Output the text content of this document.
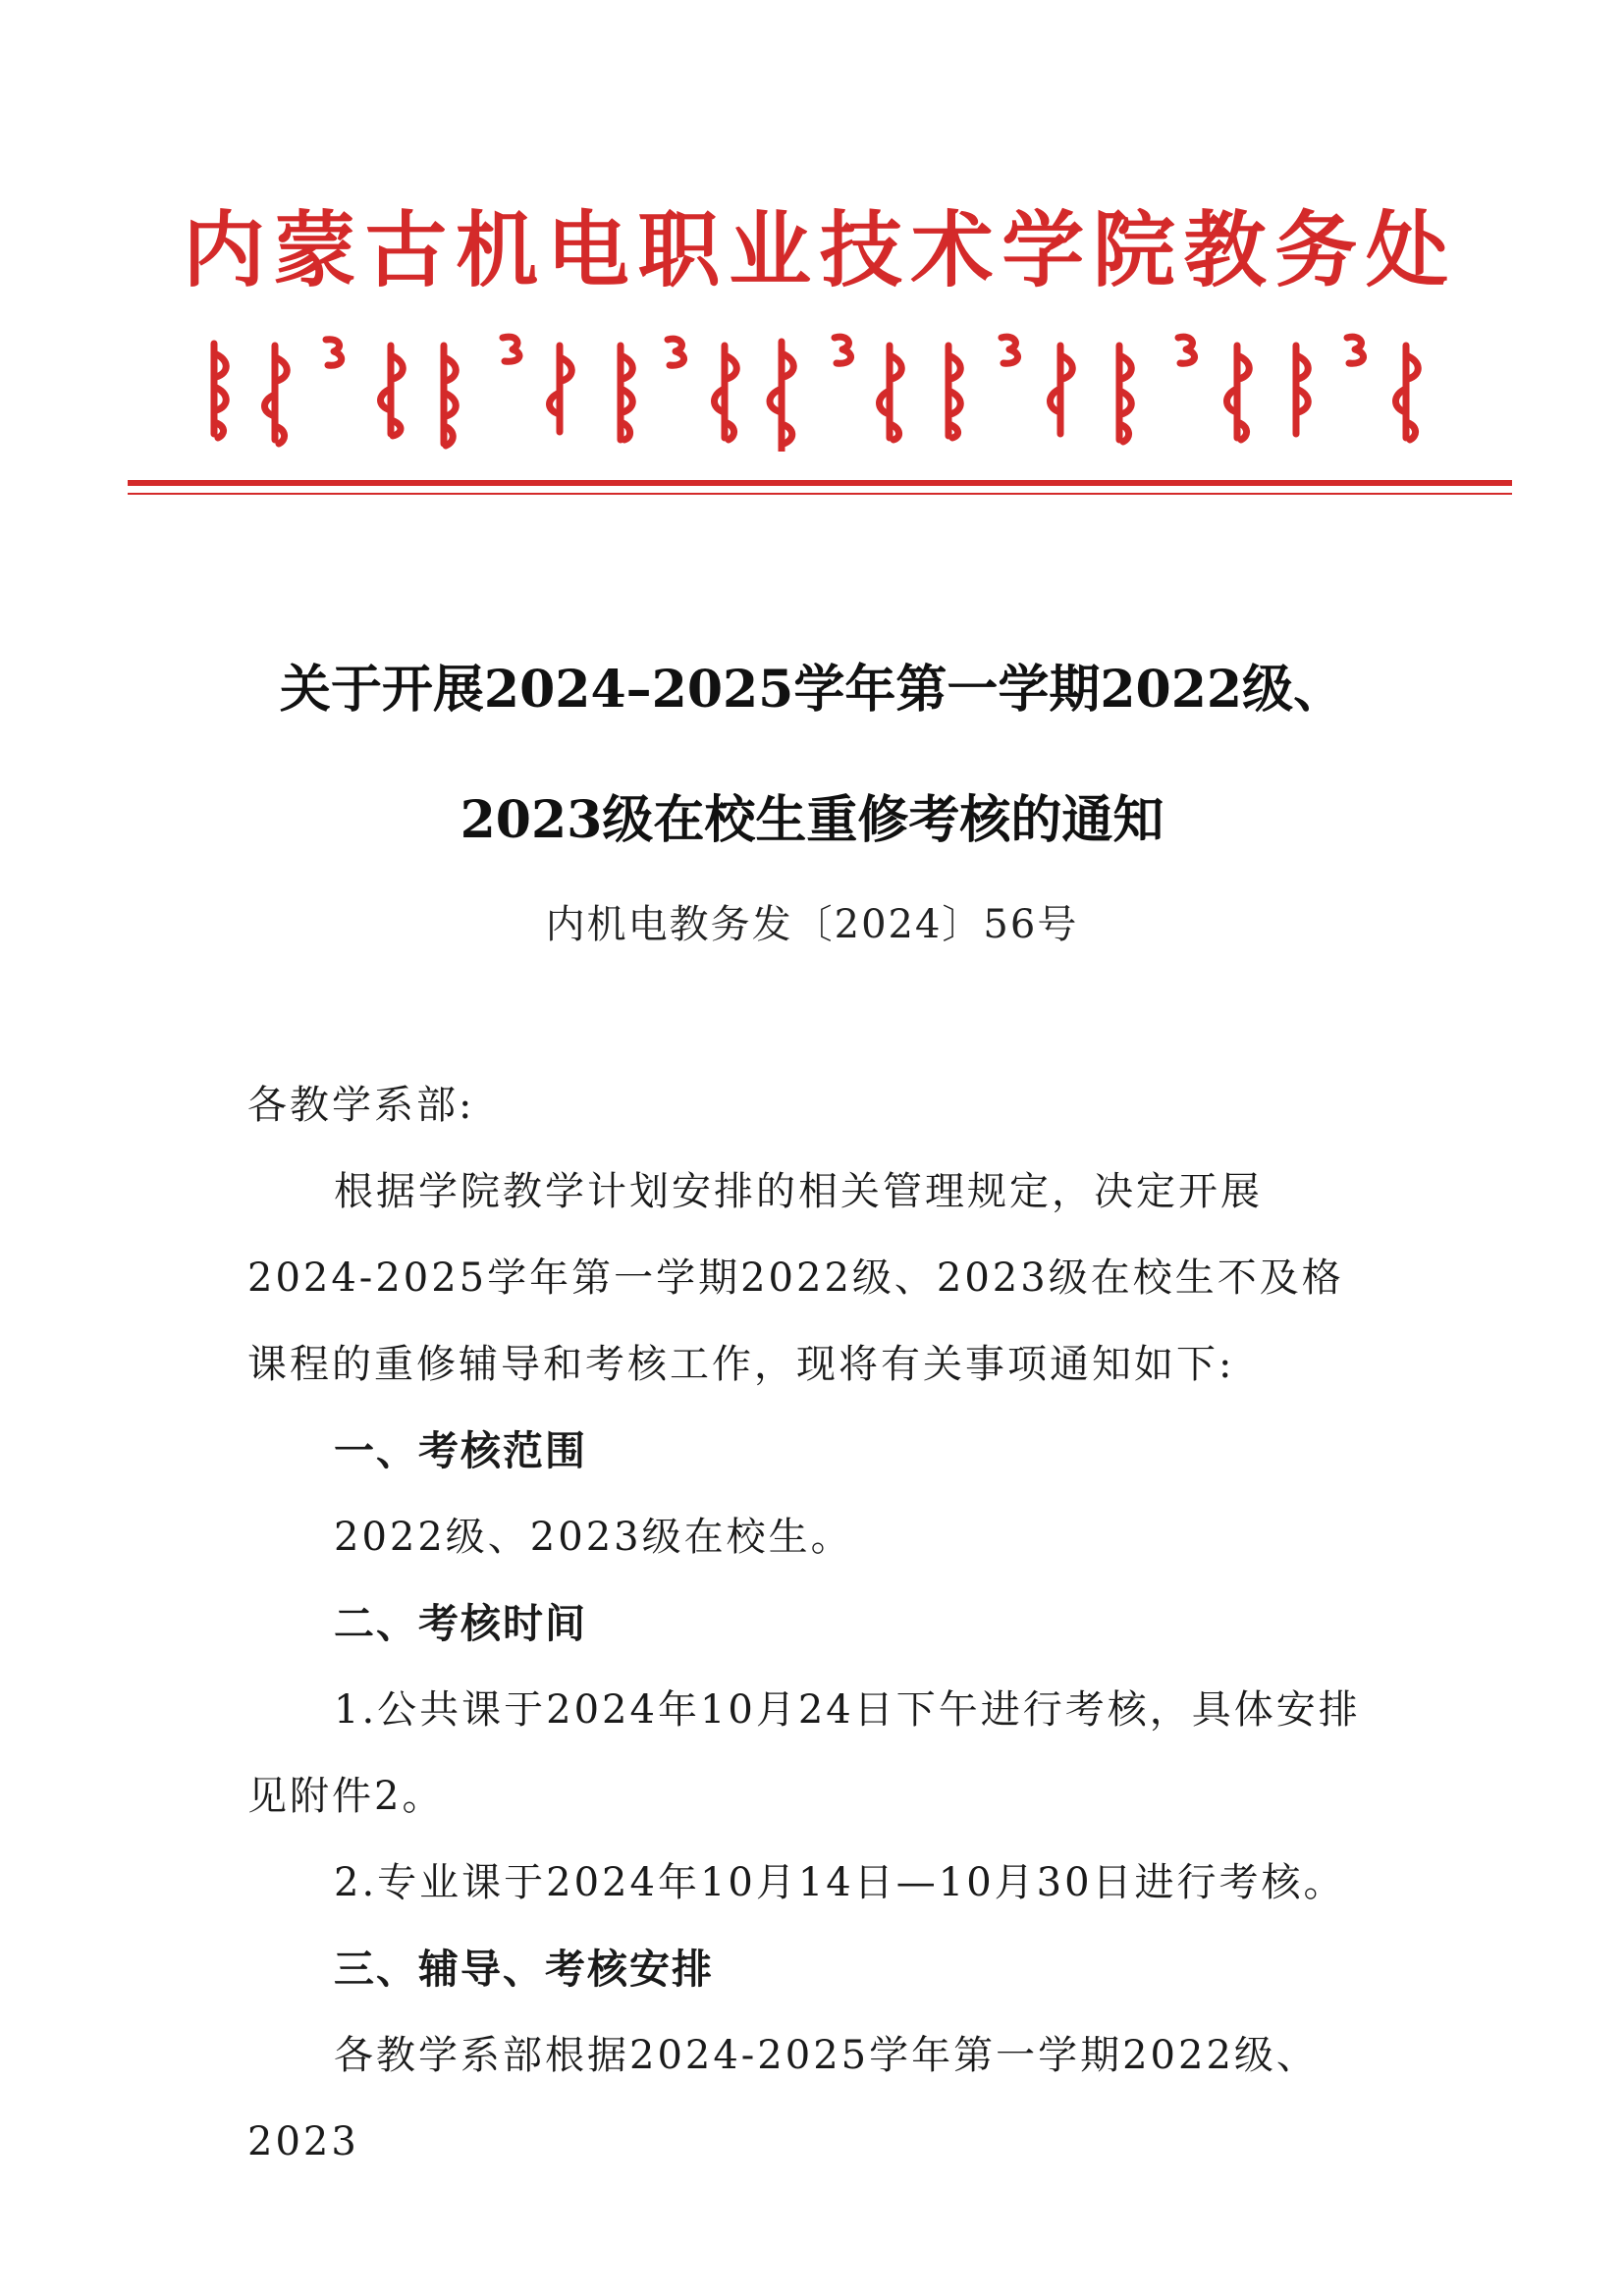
内蒙古机电职业技术学院教务处
关于开展2024–2025学年第一学期2022级、
2023级在校生重修考核的通知
内机电教务发〔2024〕56号

各教学系部:

根据学院教学计划安排的相关管理规定，决定开展2024-2025学年第一学期2022级、2023级在校生不及格课程的重修辅导和考核工作，现将有关事项通知如下:

一、考核范围

2022级、2023级在校生。

二、考核时间

1.公共课于2024年10月24日下午进行考核，具体安排见附件2。

2.专业课于2024年10月14日—10月30日进行考核。

三、辅导、考核安排

各教学系部根据2024-2025学年第一学期2022级、2023
